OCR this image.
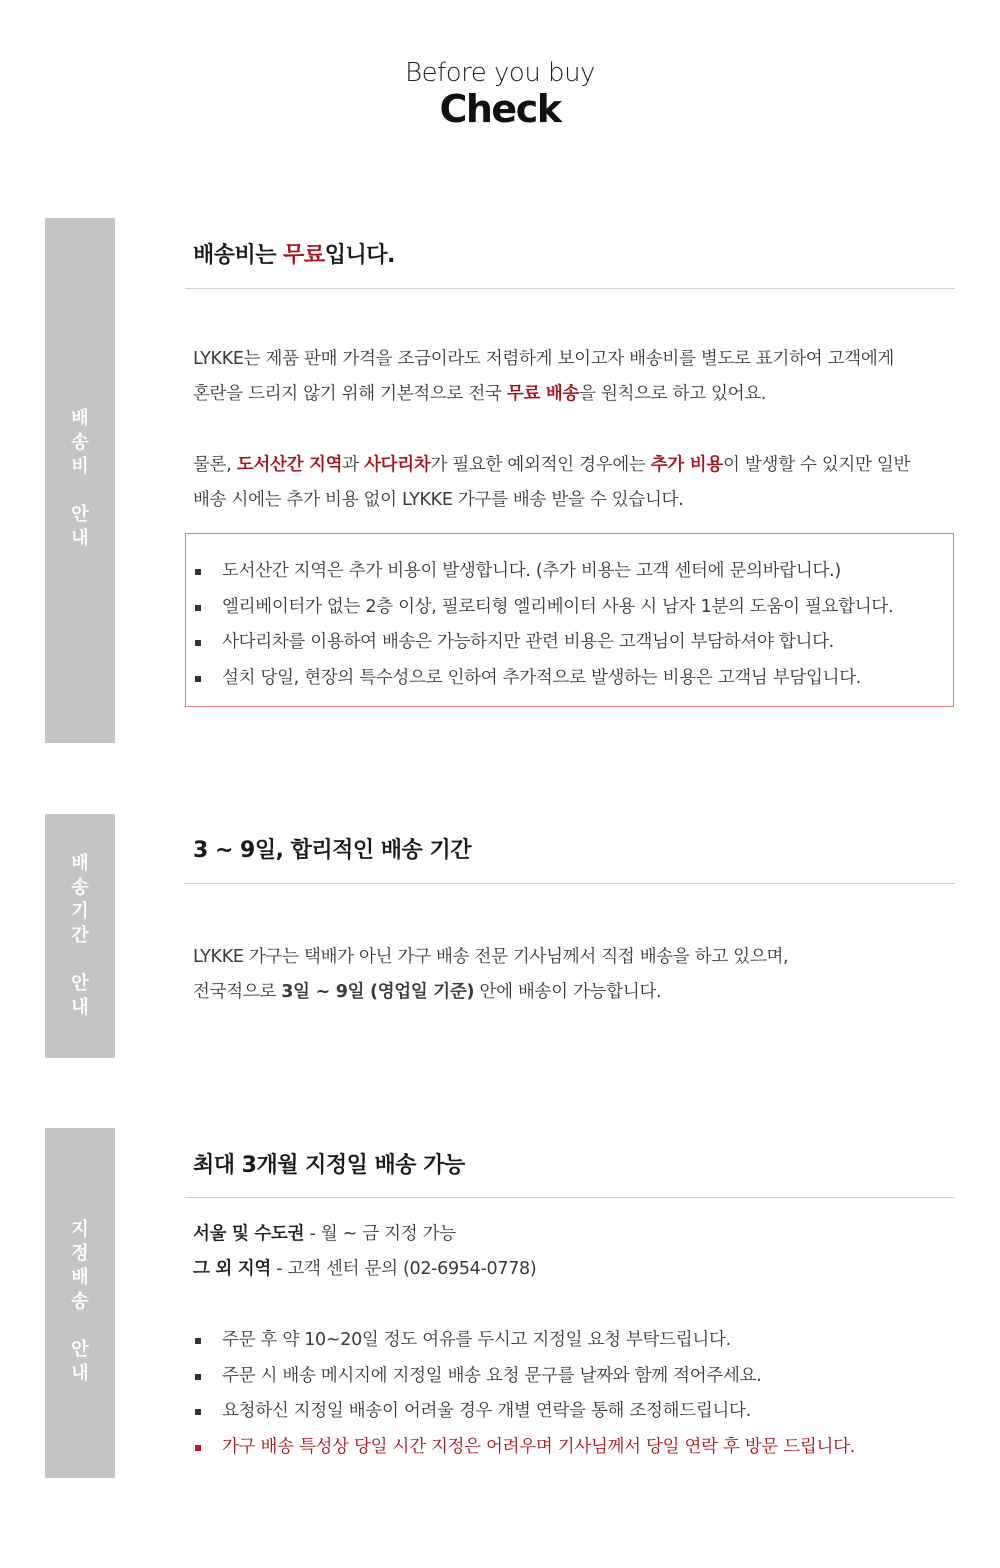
Before you buy
Check
배
송
비
안
내
배송비는 무료입니다.
LYKKE는 제품 판매 가격을 조금이라도 저렴하게 보이고자 배송비를 별도로 표기하여 고객에게
혼란을 드리지 않기 위해 기본적으로 전국 무료 배송을 원칙으로 하고 있어요.
물론, 도서산간 지역과 사다리차가 필요한 예외적인 경우에는 추가 비용이 발생할 수 있지만 일반
배송 시에는 추가 비용 없이 LYKKE 가구를 배송 받을 수 있습니다.
도서산간 지역은 추가 비용이 발생합니다. (추가 비용는 고객 센터에 문의바랍니다.)
엘리베이터가 없는 2층 이상, 필로티형 엘리베이터 사용 시 남자 1분의 도움이 필요합니다.
사다리차를 이용하여 배송은 가능하지만 관련 비용은 고객님이 부담하셔야 합니다.
설치 당일, 현장의 특수성으로 인하여 추가적으로 발생하는 비용은 고객님 부담입니다.
배
송
기
간
안
내
3 ~ 9일, 합리적인 배송 기간
LYKKE 가구는 택배가 아닌 가구 배송 전문 기사님께서 직접 배송을 하고 있으며,
전국적으로 3일 ~ 9일 (영업일 기준) 안에 배송이 가능합니다.
지
정
배
송
안
내
최대 3개월 지정일 배송 가능
서울 및 수도권 - 월 ~ 금 지정 가능
그 외 지역 - 고객 센터 문의 (02-6954-0778)
주문 후 약 10~20일 정도 여유를 두시고 지정일 요청 부탁드립니다.
주문 시 배송 메시지에 지정일 배송 요청 문구를 날짜와 함께 적어주세요.
요청하신 지정일 배송이 어려울 경우 개별 연락을 통해 조정해드립니다.
가구 배송 특성상 당일 시간 지정은 어려우며 기사님께서 당일 연락 후 방문 드립니다.
